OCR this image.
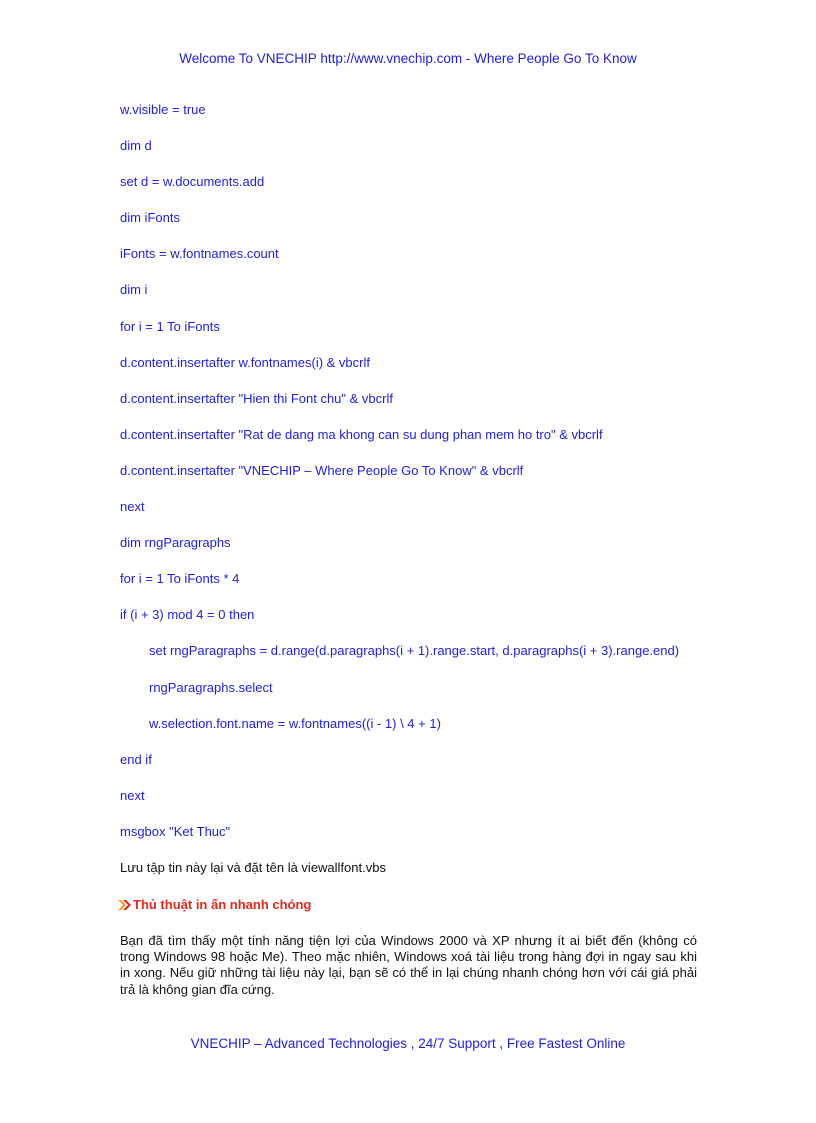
Welcome To VNECHIP http://www.vnechip.com - Where People Go To Know
w.visible = true
dim d
set d = w.documents.add
dim iFonts
iFonts = w.fontnames.count
dim i
for i = 1 To iFonts
d.content.insertafter w.fontnames(i) & vbcrlf
d.content.insertafter "Hien thi Font chu" & vbcrlf
d.content.insertafter "Rat de dang ma khong can su dung phan mem ho tro" & vbcrlf
d.content.insertafter "VNECHIP – Where People Go To Know" & vbcrlf
next
dim rngParagraphs
for i = 1 To iFonts * 4
if (i + 3) mod 4 = 0 then
set rngParagraphs = d.range(d.paragraphs(i + 1).range.start, d.paragraphs(i + 3).range.end)
rngParagraphs.select
w.selection.font.name = w.fontnames((i - 1) \ 4 + 1)
end if
next
msgbox "Ket Thuc"
Lưu tập tin này lại và đặt tên là viewallfont.vbs
Thủ thuật in ấn nhanh chóng
Bạn đã tìm thấy một tính năng tiện lợi của Windows 2000 và XP nhưng ít ai biết đến (không có trong Windows 98 hoặc Me). Theo mặc nhiên, Windows xoá tài liệu trong hàng đợi in ngay sau khi in xong. Nếu giữ những tài liệu này lại, bạn sẽ có thể in lại chúng nhanh chóng hơn với cái giá phải trả là không gian đĩa cứng.
VNECHIP – Advanced Technologies , 24/7 Support , Free Fastest Online
